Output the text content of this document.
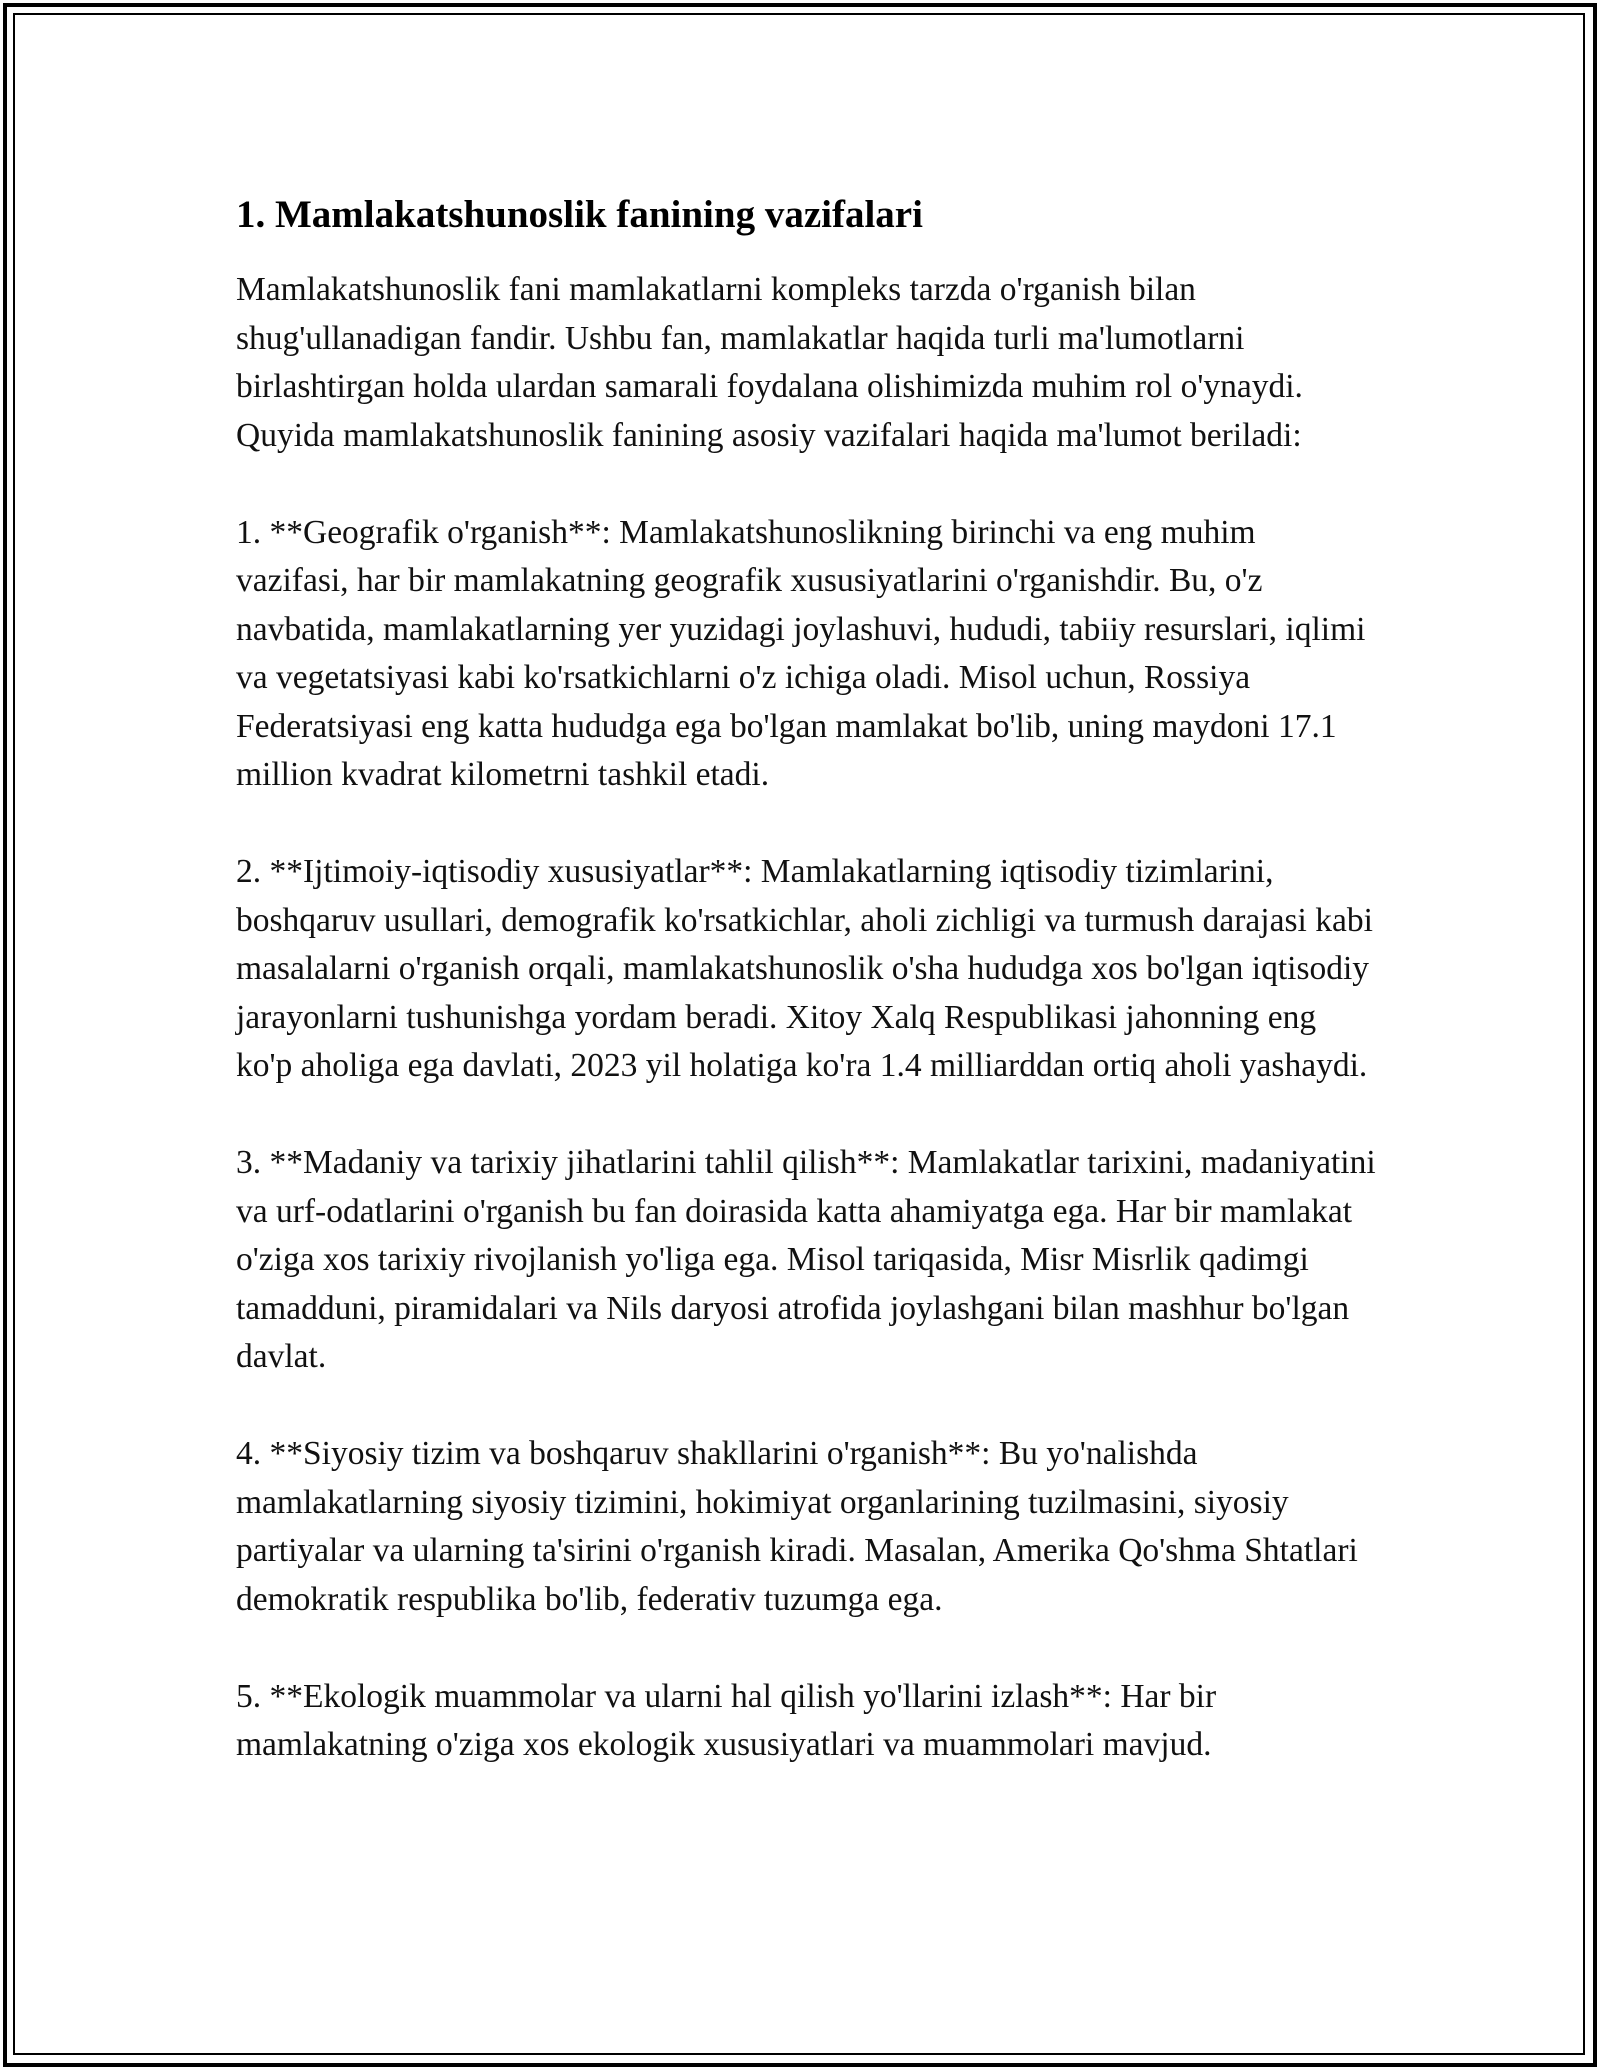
1. Mamlakatshunoslik fanining vazifalari

Mamlakatshunoslik fani mamlakatlarni kompleks tarzda o'rganish bilan shug'ullanadigan fandir. Ushbu fan, mamlakatlar haqida turli ma'lumotlarni birlashtirgan holda ulardan samarali foydalana olishimizda muhim rol o'ynaydi. Quyida mamlakatshunoslik fanining asosiy vazifalari haqida ma'lumot beriladi:

1. **Geografik o'rganish**: Mamlakatshunoslikning birinchi va eng muhim vazifasi, har bir mamlakatning geografik xususiyatlarini o'rganishdir. Bu, o'z navbatida, mamlakatlarning yer yuzidagi joylashuvi, hududi, tabiiy resurslari, iqlimi va vegetatsiyasi kabi ko'rsatkichlarni o'z ichiga oladi. Misol uchun, Rossiya Federatsiyasi eng katta hududga ega bo'lgan mamlakat bo'lib, uning maydoni 17.1 million kvadrat kilometrni tashkil etadi.

2. **Ijtimoiy-iqtisodiy xususiyatlar**: Mamlakatlarning iqtisodiy tizimlarini, boshqaruv usullari, demografik ko'rsatkichlar, aholi zichligi va turmush darajasi kabi masalalarni o'rganish orqali, mamlakatshunoslik o'sha hududga xos bo'lgan iqtisodiy jarayonlarni tushunishga yordam beradi. Xitoy Xalq Respublikasi jahonning eng ko'p aholiga ega davlati, 2023 yil holatiga ko'ra 1.4 milliarddan ortiq aholi yashaydi.

3. **Madaniy va tarixiy jihatlarini tahlil qilish**: Mamlakatlar tarixini, madaniyatini va urf-odatlarini o'rganish bu fan doirasida katta ahamiyatga ega. Har bir mamlakat o'ziga xos tarixiy rivojlanish yo'liga ega. Misol tariqasida, Misr Misrlik qadimgi tamadduni, piramidalari va Nils daryosi atrofida joylashgani bilan mashhur bo'lgan davlat.

4. **Siyosiy tizim va boshqaruv shakllarini o'rganish**: Bu yo'nalishda mamlakatlarning siyosiy tizimini, hokimiyat organlarining tuzilmasini, siyosiy partiyalar va ularning ta'sirini o'rganish kiradi. Masalan, Amerika Qo'shma Shtatlari demokratik respublika bo'lib, federativ tuzumga ega.

5. **Ekologik muammolar va ularni hal qilish yo'llarini izlash**: Har bir mamlakatning o'ziga xos ekologik xususiyatlari va muammolari mavjud.
